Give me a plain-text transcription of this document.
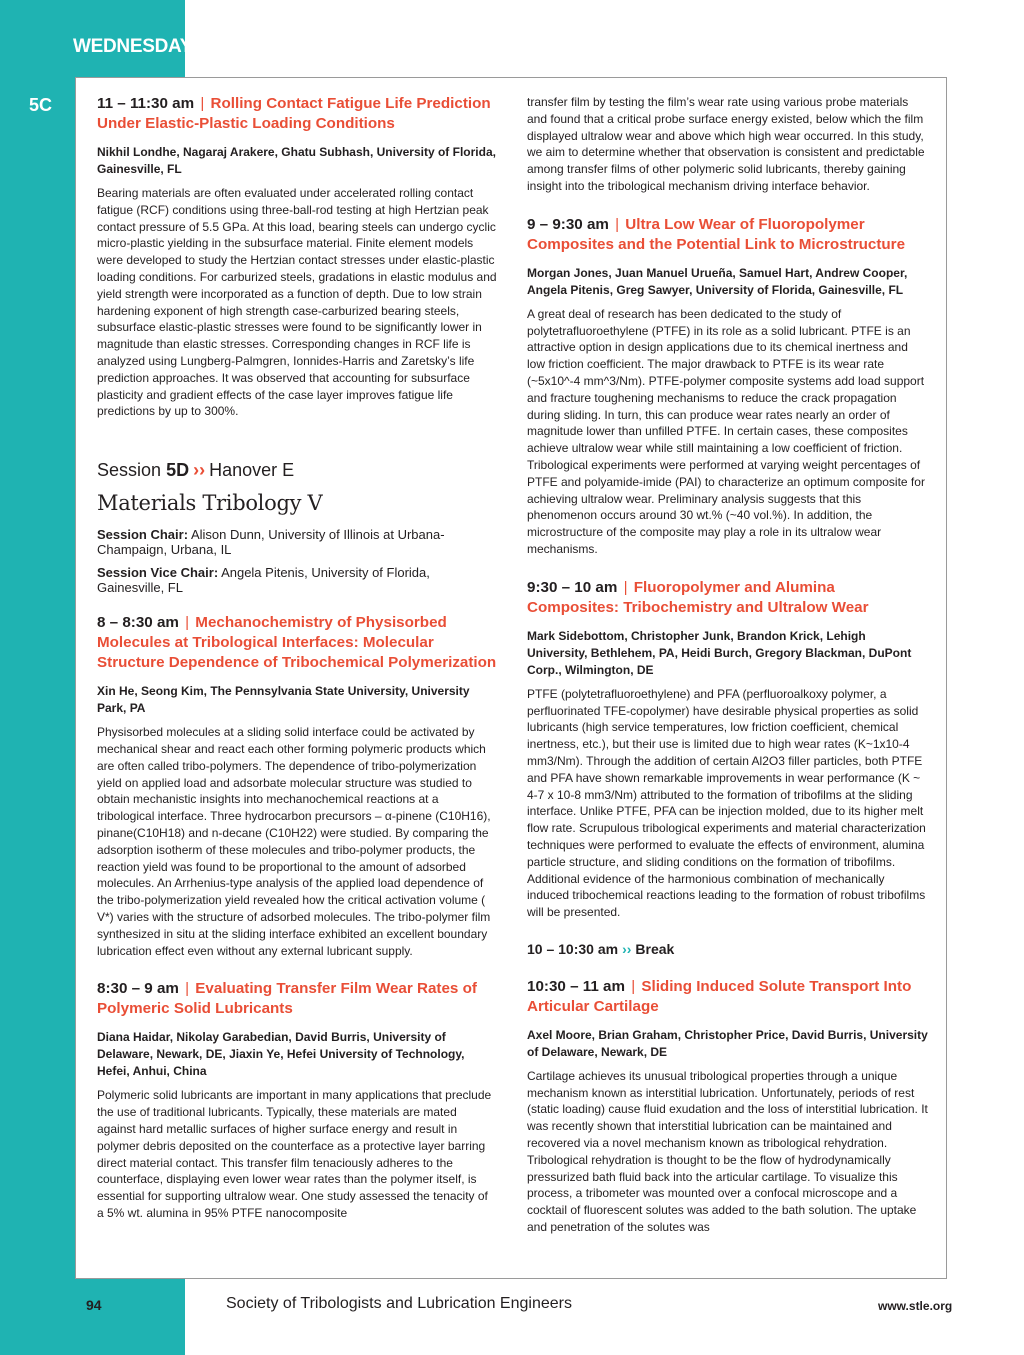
WEDNESDAY
5C	11 – 11:30 am | Rolling Contact Fatigue Life Prediction Under Elastic-Plastic Loading Conditions

Nikhil Londhe, Nagaraj Arakere, Ghatu Subhash, University of Florida, Gainesville, FL

Bearing materials are often evaluated under accelerated rolling contact fatigue (RCF) conditions using three-ball-rod testing at high Hertzian peak contact pressure of 5.5 GPa. At this load, bearing steels can undergo cyclic micro-plastic yielding in the subsurface material. Finite element models were developed to study the Hertzian contact stresses under elastic-plastic loading conditions. For carburized steels, gradations in elastic modulus and yield strength were incorporated as a function of depth. Due to low strain hardening exponent of high strength case-carburized bearing steels, subsurface elastic-plastic stresses were found to be significantly lower in magnitude than elastic stresses. Corresponding changes in RCF life is analyzed using Lungberg-Palmgren, Ionnides-Harris and Zaretsky’s life prediction approaches. It was observed that accounting for subsurface plasticity and gradient effects of the case layer improves fatigue life predictions by up to 300%.

Session 5D ›› Hanover E

Materials Tribology V

Session Chair: Alison Dunn, University of Illinois at Urbana-Champaign, Urbana, IL

Session Vice Chair: Angela Pitenis, University of Florida, Gainesville, FL

8 – 8:30 am | Mechanochemistry of Physisorbed Molecules at Tribological Interfaces: Molecular Structure Dependence of Tribochemical Polymerization

Xin He, Seong Kim, The Pennsylvania State University, University Park, PA

Physisorbed molecules at a sliding solid interface could be activated by mechanical shear and react each other forming polymeric products which are often called tribo-polymers. The dependence of tribo-polymerization yield on applied load and adsorbate molecular structure was studied to obtain mechanistic insights into mechanochemical reactions at a tribological interface. Three hydrocarbon precursors – α-pinene (C10H16), pinane(C10H18) and n-decane (C10H22) were studied. By comparing the adsorption isotherm of these molecules and tribo-polymer products, the reaction yield was found to be proportional to the amount of adsorbed molecules. An Arrhenius-type analysis of the applied load dependence of the tribo-polymerization yield revealed how the critical activation volume ( V*) varies with the structure of adsorbed molecules. The tribo-polymer film synthesized in situ at the sliding interface exhibited an excellent boundary lubrication effect even without any external lubricant supply.

8:30 – 9 am | Evaluating Transfer Film Wear Rates of Polymeric Solid Lubricants

Diana Haidar, Nikolay Garabedian, David Burris, University of Delaware, Newark, DE, Jiaxin Ye, Hefei University of Technology, Hefei, Anhui, China

Polymeric solid lubricants are important in many applications that preclude the use of traditional lubricants. Typically, these materials are mated against hard metallic surfaces of higher surface energy and result in polymer debris deposited on the counterface as a protective layer barring direct material contact. This transfer film tenaciously adheres to the counterface, displaying even lower wear rates than the polymer itself, is essential for supporting ultralow wear. One study assessed the tenacity of a 5% wt. alumina in 95% PTFE nanocomposite

transfer film by testing the film’s wear rate using various probe materials and found that a critical probe surface energy existed, below which the film displayed ultralow wear and above which high wear occurred. In this study, we aim to determine whether that observation is consistent and predictable among transfer films of other polymeric solid lubricants, thereby gaining insight into the tribological mechanism driving interface behavior.

9 – 9:30 am | Ultra Low Wear of Fluoropolymer Composites and the Potential Link to Microstructure

Morgan Jones, Juan Manuel Urueña, Samuel Hart, Andrew Cooper, Angela Pitenis, Greg Sawyer, University of Florida, Gainesville, FL

A great deal of research has been dedicated to the study of polytetrafluoroethylene (PTFE) in its role as a solid lubricant. PTFE is an attractive option in design applications due to its chemical inertness and low friction coefficient. The major drawback to PTFE is its wear rate (~5x10^-4 mm^3/Nm). PTFE-polymer composite systems add load support and fracture toughening mechanisms to reduce the crack propagation during sliding. In turn, this can produce wear rates nearly an order of magnitude lower than unfilled PTFE. In certain cases, these composites achieve ultralow wear while still maintaining a low coefficient of friction. Tribological experiments were performed at varying weight percentages of PTFE and polyamide-imide (PAI) to characterize an optimum composite for achieving ultralow wear. Preliminary analysis suggests that this phenomenon occurs around 30 wt.% (~40 vol.%). In addition, the microstructure of the composite may play a role in its ultralow wear mechanisms.

9:30 – 10 am | Fluoropolymer and Alumina Composites: Tribochemistry and Ultralow Wear

Mark Sidebottom, Christopher Junk, Brandon Krick, Lehigh University, Bethlehem, PA, Heidi Burch, Gregory Blackman, DuPont Corp., Wilmington, DE

PTFE (polytetrafluoroethylene) and PFA (perfluoroalkoxy polymer, a perfluorinated TFE-copolymer) have desirable physical properties as solid lubricants (high service temperatures, low friction coefficient, chemical inertness, etc.), but their use is limited due to high wear rates (K~1x10-4 mm3/Nm). Through the addition of certain Al2O3 filler particles, both PTFE and PFA have shown remarkable improvements in wear performance (K ~ 4-7 x 10-8 mm3/Nm) attributed to the formation of tribofilms at the sliding interface. Unlike PTFE, PFA can be injection molded, due to its higher melt flow rate. Scrupulous tribological experiments and material characterization techniques were performed to evaluate the effects of environment, alumina particle structure, and sliding conditions on the formation of tribofilms. Additional evidence of the harmonious combination of mechanically induced tribochemical reactions leading to the formation of robust tribofilms will be presented.

10 – 10:30 am ›› Break

10:30 – 11 am | Sliding Induced Solute Transport Into Articular Cartilage

Axel Moore, Brian Graham, Christopher Price, David Burris, University of Delaware, Newark, DE

Cartilage achieves its unusual tribological properties through a unique mechanism known as interstitial lubrication. Unfortunately, periods of rest (static loading) cause fluid exudation and the loss of interstitial lubrication. It was recently shown that interstitial lubrication can be maintained and recovered via a novel mechanism known as tribological rehydration. Tribological rehydration is thought to be the flow of hydrodynamically pressurized bath fluid back into the articular cartilage. To visualize this process, a tribometer was mounted over a confocal microscope and a cocktail of fluorescent solutes was added to the bath solution. The uptake and penetration of the solutes was

94	Society of Tribologists and Lubrication Engineers	www.stle.org
